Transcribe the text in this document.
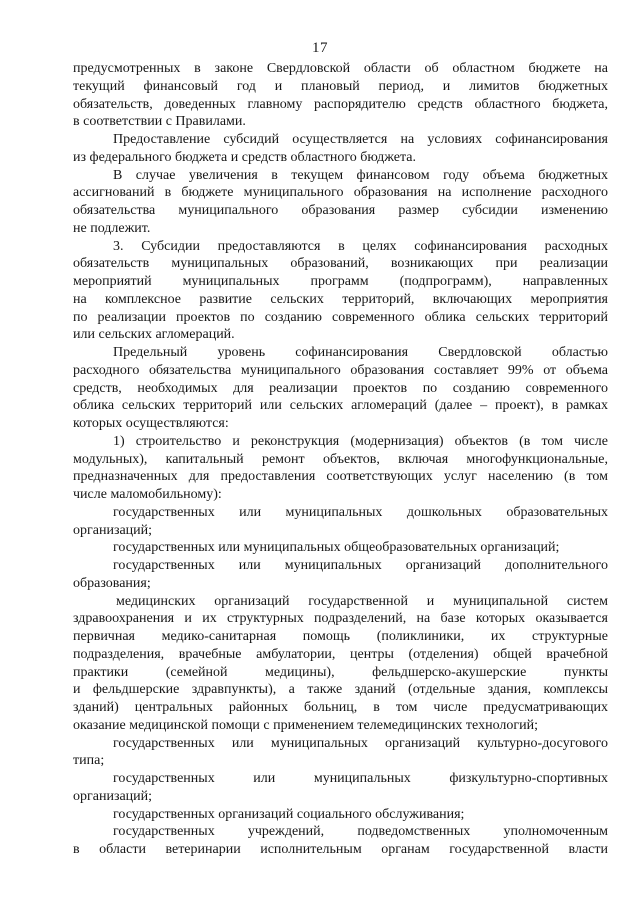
17
предусмотренных в законе Свердловской области об областном бюджете на
текущий финансовый год и плановый период, и лимитов бюджетных
обязательств, доведенных главному распорядителю средств областного бюджета,
в соответствии с Правилами.
Предоставление субсидий осуществляется на условиях софинансирования
из федерального бюджета и средств областного бюджета.
В случае увеличения в текущем финансовом году объема бюджетных
ассигнований в бюджете муниципального образования на исполнение расходного
обязательства муниципального образования размер субсидии изменению
не подлежит.
3. Субсидии предоставляются в целях софинансирования расходных
обязательств муниципальных образований, возникающих при реализации
мероприятий муниципальных программ (подпрограмм), направленных
на комплексное развитие сельских территорий, включающих мероприятия
по реализации проектов по созданию современного облика сельских территорий
или сельских агломераций.
Предельный уровень софинансирования Свердловской областью
расходного обязательства муниципального образования составляет 99% от объема
средств, необходимых для реализации проектов по созданию современного
облика сельских территорий или сельских агломераций (далее – проект), в рамках
которых осуществляются:
1) строительство и реконструкция (модернизация) объектов (в том числе
модульных), капитальный ремонт объектов, включая многофункциональные,
предназначенных для предоставления соответствующих услуг населению (в том
числе маломобильному):
государственных или муниципальных дошкольных образовательных
организаций;
государственных или муниципальных общеобразовательных организаций;
государственных или муниципальных организаций дополнительного
образования;
медицинских организаций государственной и муниципальной систем
здравоохранения и их структурных подразделений, на базе которых оказывается
первичная медико-санитарная помощь (поликлиники, их структурные
подразделения, врачебные амбулатории, центры (отделения) общей врачебной
практики (семейной медицины), фельдшерско-акушерские пункты
и фельдшерские здравпункты), а также зданий (отдельные здания, комплексы
зданий) центральных районных больниц, в том числе предусматривающих
оказание медицинской помощи с применением телемедицинских технологий;
государственных или муниципальных организаций культурно-досугового
типа;
государственных или муниципальных физкультурно-спортивных
организаций;
государственных организаций социального обслуживания;
государственных учреждений, подведомственных уполномоченным
в области ветеринарии исполнительным органам государственной власти
